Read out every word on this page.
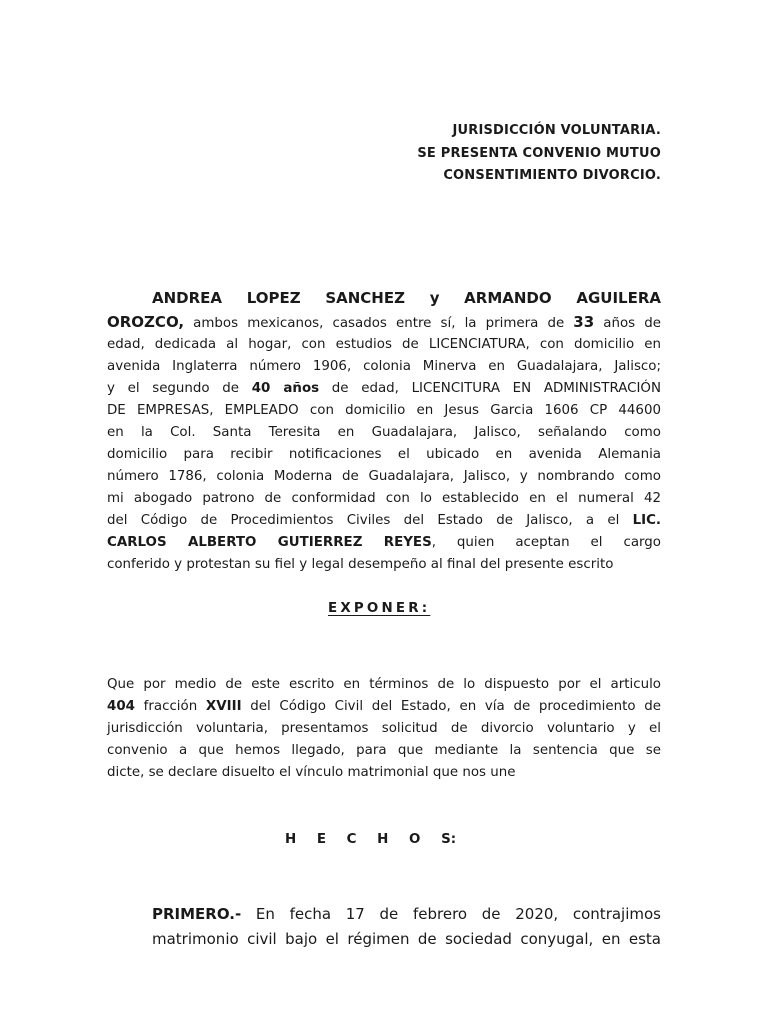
JURISDICCIÓN VOLUNTARIA.
SE PRESENTA CONVENIO MUTUO
CONSENTIMIENTO DIVORCIO.
ANDREA LOPEZ SANCHEZ y ARMANDO AGUILERA
OROZCO, ambos mexicanos, casados entre sí, la primera de 33 años de
edad, dedicada al hogar, con estudios de LICENCIATURA, con domicilio en
avenida Inglaterra número 1906, colonia Minerva en Guadalajara, Jalisco;
y el segundo de 40 años de edad, LICENCITURA EN ADMINISTRACIÓN
DE EMPRESAS, EMPLEADO con domicilio en Jesus Garcia 1606 CP 44600
en la Col. Santa Teresita en Guadalajara, Jalisco, señalando como
domicilio para recibir notificaciones el ubicado en avenida Alemania
número 1786, colonia Moderna de Guadalajara, Jalisco, y nombrando como
mi abogado patrono de conformidad con lo establecido en el numeral 42
del Código de Procedimientos Civiles del Estado de Jalisco, a el LIC.
CARLOS ALBERTO GUTIERREZ REYES, quien aceptan el cargo
conferido y protestan su fiel y legal desempeño al final del presente escrito
EXPONER:
Que por medio de este escrito en términos de lo dispuesto por el articulo
404 fracción XVIII del Código Civil del Estado, en vía de procedimiento de
jurisdicción voluntaria, presentamos solicitud de divorcio voluntario y el
convenio a que hemos llegado, para que mediante la sentencia que se
dicte, se declare disuelto el vínculo matrimonial que nos une
H E C H O S:
PRIMERO.- En fecha 17 de febrero de 2020, contrajimos
matrimonio civil bajo el régimen de sociedad conyugal, en esta
